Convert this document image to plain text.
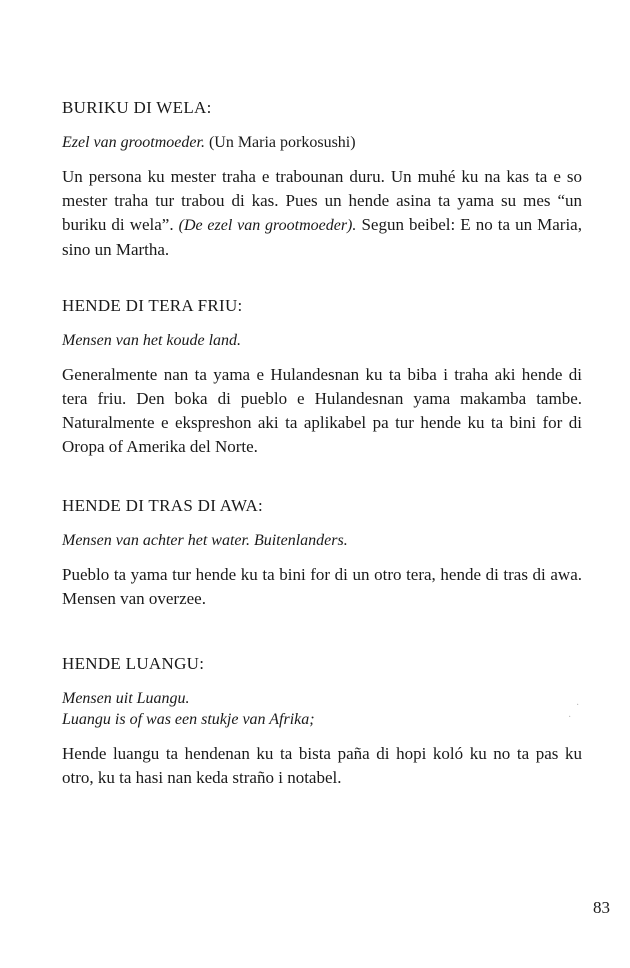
BURIKU DI WELA:

Ezel van grootmoeder. (Un Maria porkosushi)

Un persona ku mester traha e trabounan duru. Un muhé ku na kas ta e so mester traha tur trabou di kas. Pues un hende asina ta yama su mes “un buriku di wela”. (De ezel van grootmoeder). Segun beibel: E no ta un Maria, sino un Martha.

HENDE DI TERA FRIU:

Mensen van het koude land.

Generalmente nan ta yama e Hulandesnan ku ta biba i traha aki hende di tera friu. Den boka di pueblo e Hulandesnan yama makamba tambe. Naturalmente e ekspreshon aki ta aplikabel pa tur hende ku ta bini for di Oropa of Amerika del Norte.

HENDE DI TRAS DI AWA:

Mensen van achter het water. Buitenlanders.

Pueblo ta yama tur hende ku ta bini for di un otro tera, hende di tras di awa. Mensen van overzee.

HENDE LUANGU:
Mensen uit Luangu.
Luangu is of was een stukje van Afrika;

Hende luangu ta hendenan ku ta bista paña di hopi koló ku no ta pas ku otro, ku ta hasi nan keda straño i notabel.

83
·
·
